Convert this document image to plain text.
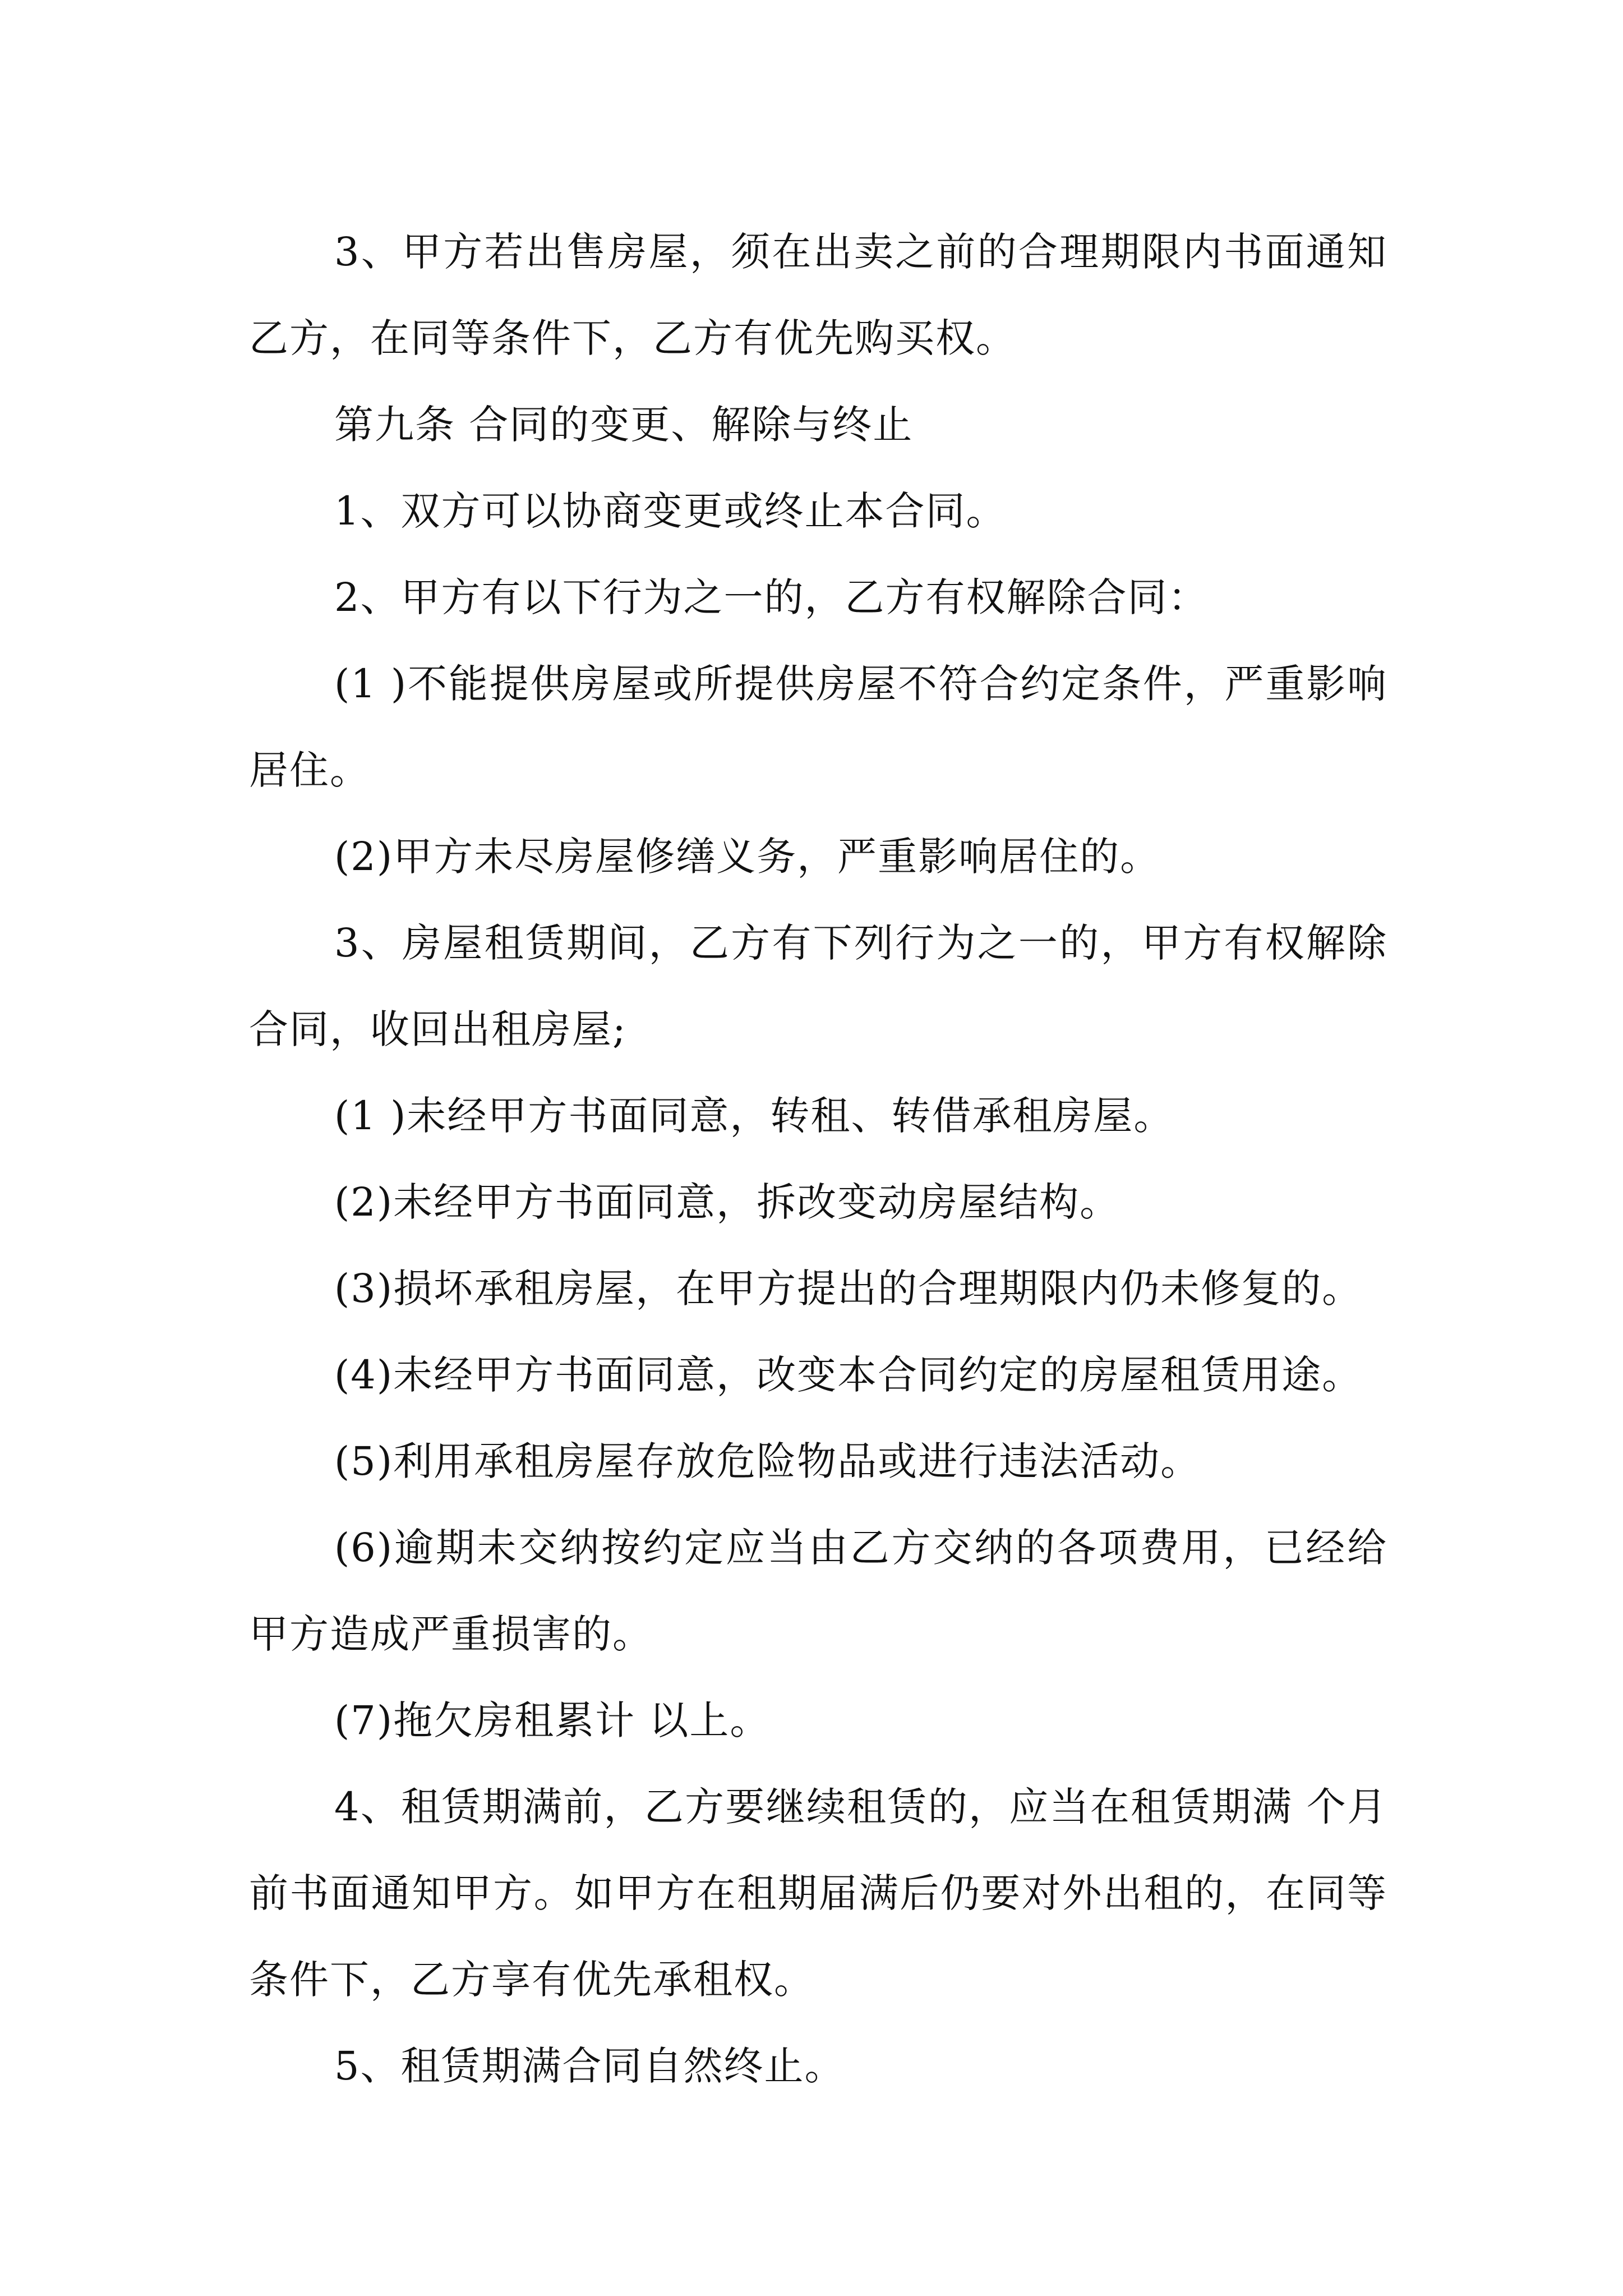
3、甲方若出售房屋，须在出卖之前的合理期限内书面通知乙方，在同等条件下，乙方有优先购买权。

第九条 合同的变更、解除与终止

1、双方可以协商变更或终止本合同。

2、甲方有以下行为之一的，乙方有权解除合同：

(1 )不能提供房屋或所提供房屋不符合约定条件，严重影响居住。

(2)甲方未尽房屋修缮义务，严重影响居住的。

3、房屋租赁期间，乙方有下列行为之一的，甲方有权解除合同，收回出租房屋;

(1 )未经甲方书面同意，转租、转借承租房屋。

(2)未经甲方书面同意，拆改变动房屋结构。

(3)损坏承租房屋，在甲方提出的合理期限内仍未修复的。

(4)未经甲方书面同意，改变本合同约定的房屋租赁用途。

(5)利用承租房屋存放危险物品或进行违法活动。

(6)逾期未交纳按约定应当由乙方交纳的各项费用，已经给甲方造成严重损害的。

(7)拖欠房租累计 以上。

4、租赁期满前，乙方要继续租赁的，应当在租赁期满 个月前书面通知甲方。如甲方在租期届满后仍要对外出租的，在同等条件下，乙方享有优先承租权。

5、租赁期满合同自然终止。
